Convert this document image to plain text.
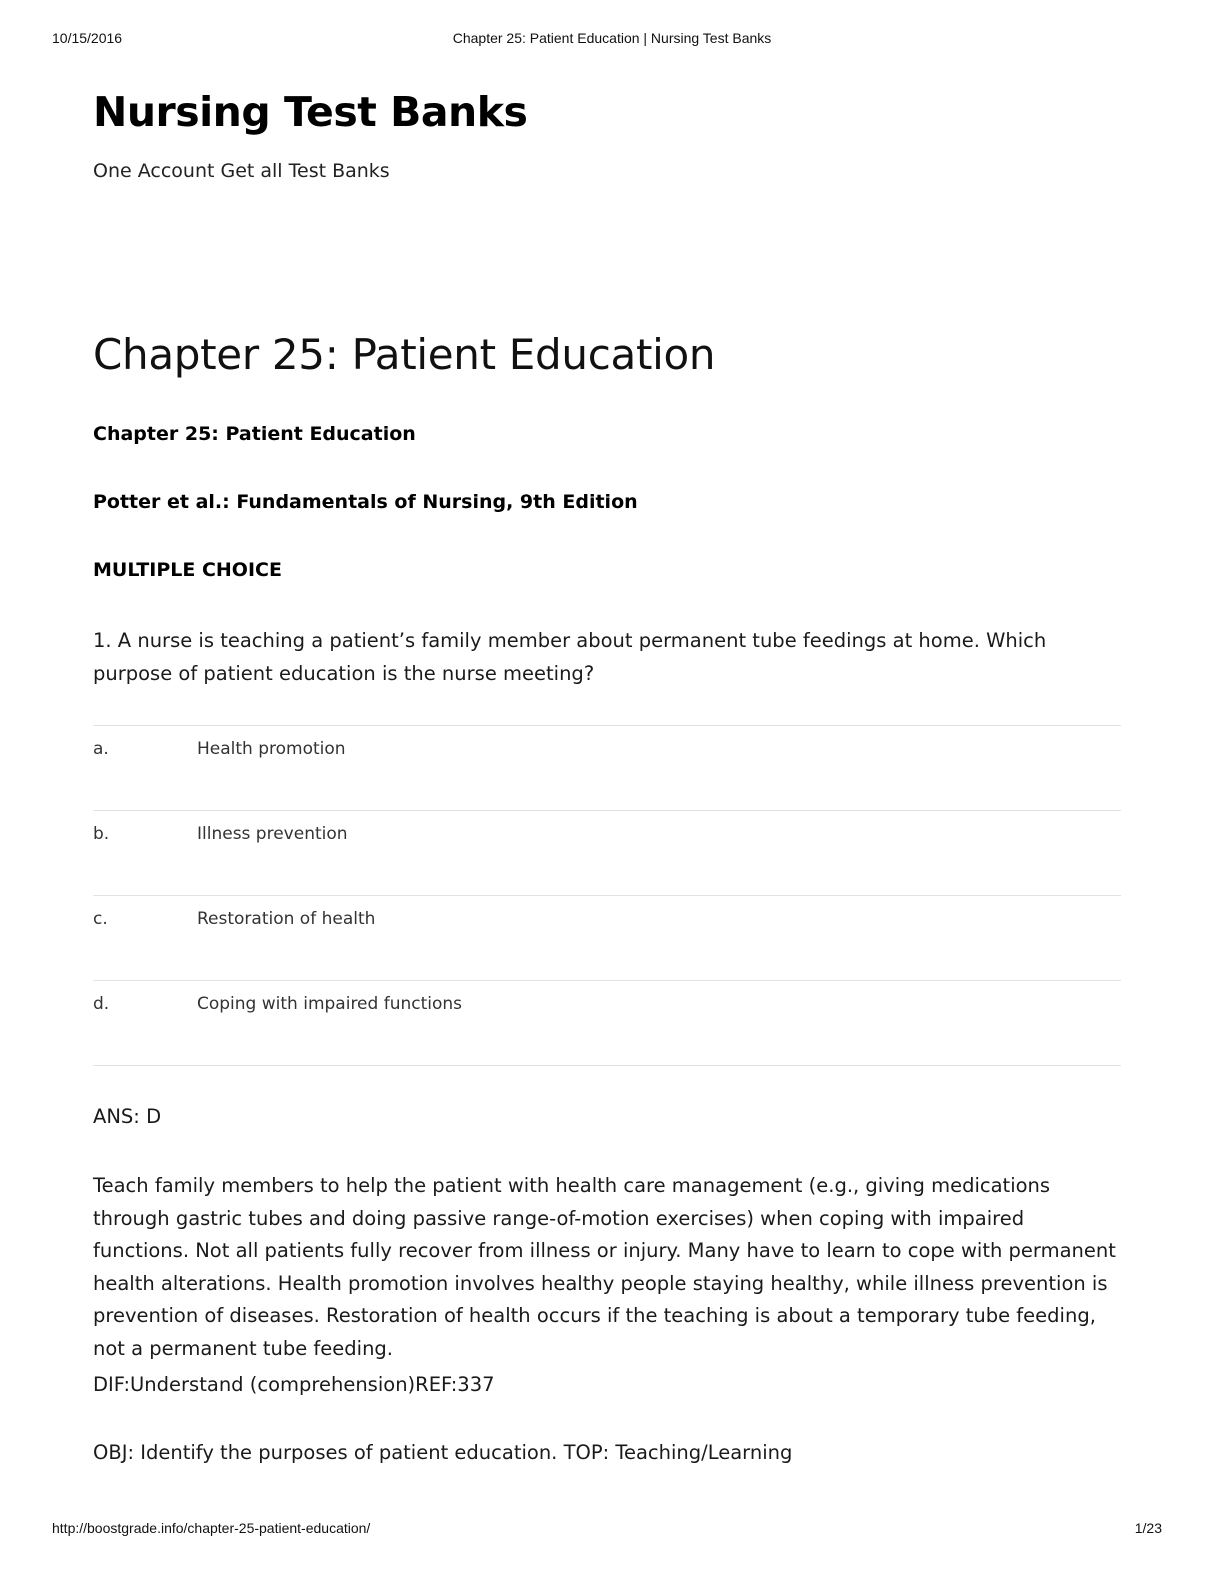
10/15/2016	Chapter 25: Patient Education | Nursing Test Banks
Nursing Test Banks
One Account Get all Test Banks
Chapter 25: Patient Education
Chapter 25: Patient Education
Potter et al.: Fundamentals of Nursing, 9th Edition
MULTIPLE CHOICE
1. A nurse is teaching a patient’s family member about permanent tube feedings at home. Which purpose of patient education is the nurse meeting?
a.	Health promotion
b.	Illness prevention
c.	Restoration of health
d.	Coping with impaired functions
ANS: D
Teach family members to help the patient with health care management (e.g., giving medications through gastric tubes and doing passive range-of-motion exercises) when coping with impaired functions. Not all patients fully recover from illness or injury. Many have to learn to cope with permanent health alterations. Health promotion involves healthy people staying healthy, while illness prevention is prevention of diseases. Restoration of health occurs if the teaching is about a temporary tube feeding, not a permanent tube feeding.
DIF:Understand (comprehension)REF:337
OBJ: Identify the purposes of patient education. TOP: Teaching/Learning
http://boostgrade.info/chapter-25-patient-education/	1/23
